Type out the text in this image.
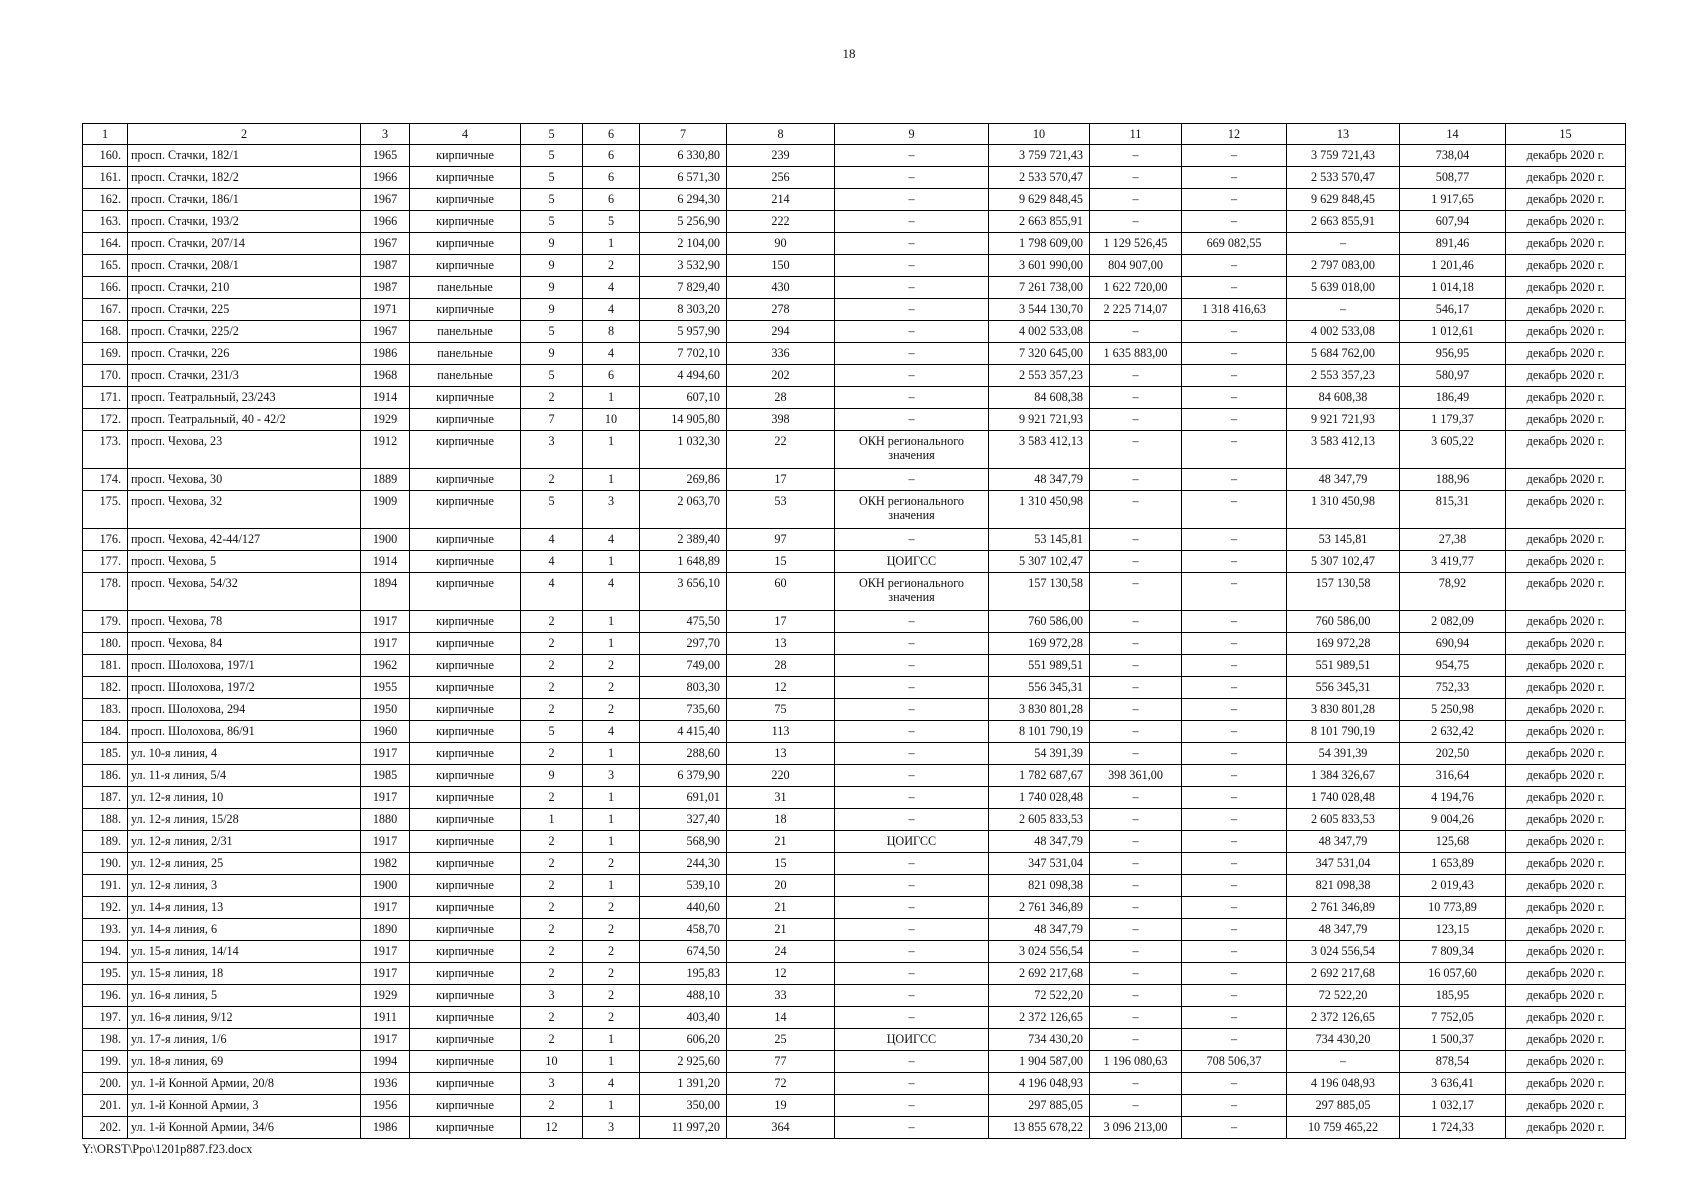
18
1	2	3	4	5	6	7	8	9	10	11	12	13	14	15
160.	просп. Стачки, 182/1	1965	кирпичные	5	6	6 330,80	239	–	3 759 721,43	–	–	3 759 721,43	738,04	декабрь 2020 г.
161.	просп. Стачки, 182/2	1966	кирпичные	5	6	6 571,30	256	–	2 533 570,47	–	–	2 533 570,47	508,77	декабрь 2020 г.
162.	просп. Стачки, 186/1	1967	кирпичные	5	6	6 294,30	214	–	9 629 848,45	–	–	9 629 848,45	1 917,65	декабрь 2020 г.
163.	просп. Стачки, 193/2	1966	кирпичные	5	5	5 256,90	222	–	2 663 855,91	–	–	2 663 855,91	607,94	декабрь 2020 г.
164.	просп. Стачки, 207/14	1967	кирпичные	9	1	2 104,00	90	–	1 798 609,00	1 129 526,45	669 082,55	–	891,46	декабрь 2020 г.
165.	просп. Стачки, 208/1	1987	кирпичные	9	2	3 532,90	150	–	3 601 990,00	804 907,00	–	2 797 083,00	1 201,46	декабрь 2020 г.
166.	просп. Стачки, 210	1987	панельные	9	4	7 829,40	430	–	7 261 738,00	1 622 720,00	–	5 639 018,00	1 014,18	декабрь 2020 г.
167.	просп. Стачки, 225	1971	кирпичные	9	4	8 303,20	278	–	3 544 130,70	2 225 714,07	1 318 416,63	–	546,17	декабрь 2020 г.
168.	просп. Стачки, 225/2	1967	панельные	5	8	5 957,90	294	–	4 002 533,08	–	–	4 002 533,08	1 012,61	декабрь 2020 г.
169.	просп. Стачки, 226	1986	панельные	9	4	7 702,10	336	–	7 320 645,00	1 635 883,00	–	5 684 762,00	956,95	декабрь 2020 г.
170.	просп. Стачки, 231/3	1968	панельные	5	6	4 494,60	202	–	2 553 357,23	–	–	2 553 357,23	580,97	декабрь 2020 г.
171.	просп. Театральный, 23/243	1914	кирпичные	2	1	607,10	28	–	84 608,38	–	–	84 608,38	186,49	декабрь 2020 г.
172.	просп. Театральный, 40 - 42/2	1929	кирпичные	7	10	14 905,80	398	–	9 921 721,93	–	–	9 921 721,93	1 179,37	декабрь 2020 г.
173.	просп. Чехова, 23	1912	кирпичные	3	1	1 032,30	22	ОКН регионального значения	3 583 412,13	–	–	3 583 412,13	3 605,22	декабрь 2020 г.
174.	просп. Чехова, 30	1889	кирпичные	2	1	269,86	17	–	48 347,79	–	–	48 347,79	188,96	декабрь 2020 г.
175.	просп. Чехова, 32	1909	кирпичные	5	3	2 063,70	53	ОКН регионального значения	1 310 450,98	–	–	1 310 450,98	815,31	декабрь 2020 г.
176.	просп. Чехова, 42-44/127	1900	кирпичные	4	4	2 389,40	97	–	53 145,81	–	–	53 145,81	27,38	декабрь 2020 г.
177.	просп. Чехова, 5	1914	кирпичные	4	1	1 648,89	15	ЦОИГСС	5 307 102,47	–	–	5 307 102,47	3 419,77	декабрь 2020 г.
178.	просп. Чехова, 54/32	1894	кирпичные	4	4	3 656,10	60	ОКН регионального значения	157 130,58	–	–	157 130,58	78,92	декабрь 2020 г.
179.	просп. Чехова, 78	1917	кирпичные	2	1	475,50	17	–	760 586,00	–	–	760 586,00	2 082,09	декабрь 2020 г.
180.	просп. Чехова, 84	1917	кирпичные	2	1	297,70	13	–	169 972,28	–	–	169 972,28	690,94	декабрь 2020 г.
181.	просп. Шолохова, 197/1	1962	кирпичные	2	2	749,00	28	–	551 989,51	–	–	551 989,51	954,75	декабрь 2020 г.
182.	просп. Шолохова, 197/2	1955	кирпичные	2	2	803,30	12	–	556 345,31	–	–	556 345,31	752,33	декабрь 2020 г.
183.	просп. Шолохова, 294	1950	кирпичные	2	2	735,60	75	–	3 830 801,28	–	–	3 830 801,28	5 250,98	декабрь 2020 г.
184.	просп. Шолохова, 86/91	1960	кирпичные	5	4	4 415,40	113	–	8 101 790,19	–	–	8 101 790,19	2 632,42	декабрь 2020 г.
185.	ул. 10-я линия, 4	1917	кирпичные	2	1	288,60	13	–	54 391,39	–	–	54 391,39	202,50	декабрь 2020 г.
186.	ул. 11-я линия, 5/4	1985	кирпичные	9	3	6 379,90	220	–	1 782 687,67	398 361,00	–	1 384 326,67	316,64	декабрь 2020 г.
187.	ул. 12-я линия, 10	1917	кирпичные	2	1	691,01	31	–	1 740 028,48	–	–	1 740 028,48	4 194,76	декабрь 2020 г.
188.	ул. 12-я линия, 15/28	1880	кирпичные	1	1	327,40	18	–	2 605 833,53	–	–	2 605 833,53	9 004,26	декабрь 2020 г.
189.	ул. 12-я линия, 2/31	1917	кирпичные	2	1	568,90	21	ЦОИГСС	48 347,79	–	–	48 347,79	125,68	декабрь 2020 г.
190.	ул. 12-я линия, 25	1982	кирпичные	2	2	244,30	15	–	347 531,04	–	–	347 531,04	1 653,89	декабрь 2020 г.
191.	ул. 12-я линия, 3	1900	кирпичные	2	1	539,10	20	–	821 098,38	–	–	821 098,38	2 019,43	декабрь 2020 г.
192.	ул. 14-я линия, 13	1917	кирпичные	2	2	440,60	21	–	2 761 346,89	–	–	2 761 346,89	10 773,89	декабрь 2020 г.
193.	ул. 14-я линия, 6	1890	кирпичные	2	2	458,70	21	–	48 347,79	–	–	48 347,79	123,15	декабрь 2020 г.
194.	ул. 15-я линия, 14/14	1917	кирпичные	2	2	674,50	24	–	3 024 556,54	–	–	3 024 556,54	7 809,34	декабрь 2020 г.
195.	ул. 15-я линия, 18	1917	кирпичные	2	2	195,83	12	–	2 692 217,68	–	–	2 692 217,68	16 057,60	декабрь 2020 г.
196.	ул. 16-я линия, 5	1929	кирпичные	3	2	488,10	33	–	72 522,20	–	–	72 522,20	185,95	декабрь 2020 г.
197.	ул. 16-я линия, 9/12	1911	кирпичные	2	2	403,40	14	–	2 372 126,65	–	–	2 372 126,65	7 752,05	декабрь 2020 г.
198.	ул. 17-я линия, 1/6	1917	кирпичные	2	1	606,20	25	ЦОИГСС	734 430,20	–	–	734 430,20	1 500,37	декабрь 2020 г.
199.	ул. 18-я линия, 69	1994	кирпичные	10	1	2 925,60	77	–	1 904 587,00	1 196 080,63	708 506,37	–	878,54	декабрь 2020 г.
200.	ул. 1-й Конной Армии, 20/8	1936	кирпичные	3	4	1 391,20	72	–	4 196 048,93	–	–	4 196 048,93	3 636,41	декабрь 2020 г.
201.	ул. 1-й Конной Армии, 3	1956	кирпичные	2	1	350,00	19	–	297 885,05	–	–	297 885,05	1 032,17	декабрь 2020 г.
202.	ул. 1-й Конной Армии, 34/6	1986	кирпичные	12	3	11 997,20	364	–	13 855 678,22	3 096 213,00	–	10 759 465,22	1 724,33	декабрь 2020 г.
Y:\ORST\Ppo\1201p887.f23.docx
